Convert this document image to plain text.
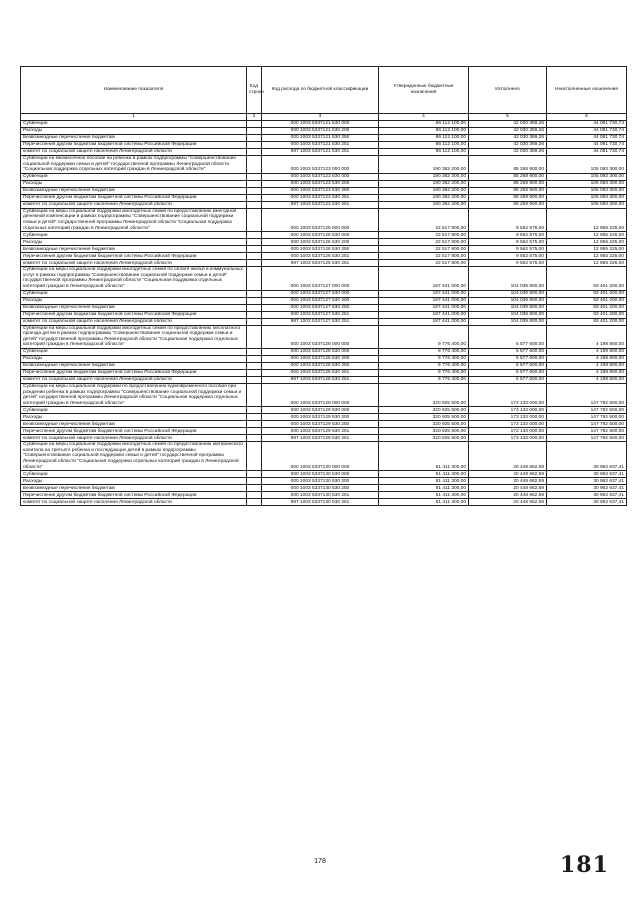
Наименование показателя	Код строки	Код расхода по бюджетной классификации	Утвержденные бюджетные назначения	Исполнено	Неисполненные назначения
1	2	3	4	5	6
Субвенции		000 1003 5337121 530 000	86 112 100,00	42 030 369,26	44 081 730,74
Расходы		000 1003 5337121 530 200	86 112 100,00	42 030 369,26	44 081 730,74
Безвозмездные перечисления бюджетам		000 1003 5337121 530 250	86 112 100,00	42 030 369,26	44 081 730,74
Перечисления другим бюджетам бюджетной системы Российской Федерации		000 1003 5337121 530 251	86 112 100,00	42 030 369,26	44 081 730,74
комитет по социальной защите населения Ленинградской области		987 1003 5337121 530 251	86 112 100,00	42 030 369,26	44 081 730,74
Субвенции на ежемесячное пособие на ребенка в рамках подпрограммы "Совершенствование социальной поддержки семьи и детей" государственной программы Ленинградской области "Социальная поддержка отдельных категорий граждан в Ленинградской области"		000 1003 5337123 000 000	190 362 200,00	85 268 900,00	105 093 300,00
Субвенции		000 1003 5337123 530 000	190 362 200,00	85 268 900,00	105 093 300,00
Расходы		000 1003 5337123 530 200	190 362 200,00	85 268 900,00	105 093 300,00
Безвозмездные перечисления бюджетам		000 1003 5337123 530 250	190 362 200,00	85 268 900,00	105 093 300,00
Перечисления другим бюджетам бюджетной системы Российской Федерации		000 1003 5337123 530 251	190 362 200,00	85 268 900,00	105 093 300,00
комитет по социальной защите населения Ленинградской области		987 1003 5337123 530 251	190 362 200,00	85 268 900,00	105 093 300,00
Субвенции на меры социальной поддержки многодетных семей по предоставлению ежегодной денежной компенсации в рамках подпрограммы "Совершенствование социальной поддержки семьи и детей" государственной программы Ленинградской области "Социальная поддержка отдельных категорий граждан в Ленинградской области"		000 1003 5337126 000 000	22 517 800,00	9 562 575,00	12 955 225,00
Субвенции		000 1003 5337126 530 000	22 517 800,00	9 562 575,00	12 955 225,00
Расходы		000 1003 5337126 530 200	22 517 800,00	9 562 575,00	12 955 225,00
Безвозмездные перечисления бюджетам		000 1003 5337126 530 250	22 517 800,00	9 562 575,00	12 955 225,00
Перечисления другим бюджетам бюджетной системы Российской Федерации		000 1003 5337126 530 251	22 517 800,00	9 562 575,00	12 955 225,00
комитет по социальной защите населения Ленинградской области		987 1003 5337126 530 251	22 517 800,00	9 562 575,00	12 955 225,00
Субвенции на меры социальной поддержки многодетных семей по оплате жилья и коммунальных услуг в рамках подпрограммы "Совершенствование социальной поддержки семьи и детей" государственной программы Ленинградской области "Социальная поддержка отдельных категорий граждан в Ленинградской области"		000 1003 5337127 000 000	187 441 000,00	104 039 800,00	83 401 200,00
Субвенции		000 1003 5337127 530 000	187 441 000,00	104 039 800,00	83 401 200,00
Расходы		000 1003 5337127 530 200	187 441 000,00	104 039 800,00	83 401 200,00
Безвозмездные перечисления бюджетам		000 1003 5337127 530 250	187 441 000,00	104 039 800,00	83 401 200,00
Перечисления другим бюджетам бюджетной системы Российской Федерации		000 1003 5337127 530 251	187 441 000,00	104 039 800,00	83 401 200,00
комитет по социальной защите населения Ленинградской области		987 1003 5337127 530 251	187 441 000,00	104 039 800,00	83 401 200,00
Субвенции на меры социальной поддержки многодетных семей по предоставлению бесплатного проезда детям в рамках подпрограммы "Совершенствование социальной поддержки семьи и детей" государственной программы Ленинградской области "Социальная поддержка отдельных категорий граждан в Ленинградской области"		000 1003 5337128 000 000	9 776 400,00	5 577 600,00	4 198 800,00
Субвенции		000 1003 5337128 530 000	9 776 400,00	5 577 600,00	4 198 800,00
Расходы		000 1003 5337128 530 200	9 776 400,00	5 577 600,00	4 198 800,00
Безвозмездные перечисления бюджетам		000 1003 5337128 530 250	9 776 400,00	5 577 600,00	4 198 800,00
Перечисления другим бюджетам бюджетной системы Российской Федерации		000 1003 5337128 530 251	9 776 400,00	5 577 600,00	4 198 800,00
комитет по социальной защите населения Ленинградской области		987 1003 5337128 530 251	9 776 400,00	5 577 600,00	4 198 800,00
Субвенции на меры социальной поддержки по предоставлению единовременного пособия при рождении ребенка в рамках подпрограммы "Совершенствование социальной поддержки семьи и детей" государственной программы Ленинградской области "Социальная поддержка отдельных категорий граждан в Ленинградской области"		000 1003 5337129 000 000	320 925 500,00	173 133 000,00	147 792 500,00
Субвенции		000 1003 5337129 530 000	320 925 500,00	173 133 000,00	147 792 500,00
Расходы		000 1003 5337129 530 200	320 925 500,00	173 133 000,00	147 792 500,00
Безвозмездные перечисления бюджетам		000 1003 5337129 530 250	320 925 500,00	173 133 000,00	147 792 500,00
Перечисления другим бюджетам бюджетной системы Российской Федерации		000 1003 5337129 530 251	320 925 500,00	173 133 000,00	147 792 500,00
комитет по социальной защите населения Ленинградской области		987 1003 5337129 530 251	320 925 500,00	173 133 000,00	147 792 500,00
Субвенции на меры социальной поддержки многодетных семей по предоставлению материнского капитала на третьего ребенка и последующих детей в рамках подпрограммы "Совершенствование социальной поддержки семьи и детей" государственной программы Ленинградской области "Социальная поддержка отдельных категорий граждан в Ленинградской области"		000 1003 5337130 000 000	51 411 300,00	20 448 662,59	30 962 637,41
Субвенции		000 1003 5337130 530 000	51 411 300,00	20 448 662,59	30 962 637,41
Расходы		000 1003 5337130 530 200	51 411 300,00	20 448 662,59	30 962 637,41
Безвозмездные перечисления бюджетам		000 1003 5337130 530 250	51 411 300,00	20 448 662,59	30 962 637,41
Перечисления другим бюджетам бюджетной системы Российской Федерации		000 1003 5337130 530 251	51 411 300,00	20 448 662,59	30 962 637,41
комитет по социальной защите населения Ленинградской области		987 1003 5337130 530 251	51 411 300,00	20 448 662,59	30 962 637,41
178	181
